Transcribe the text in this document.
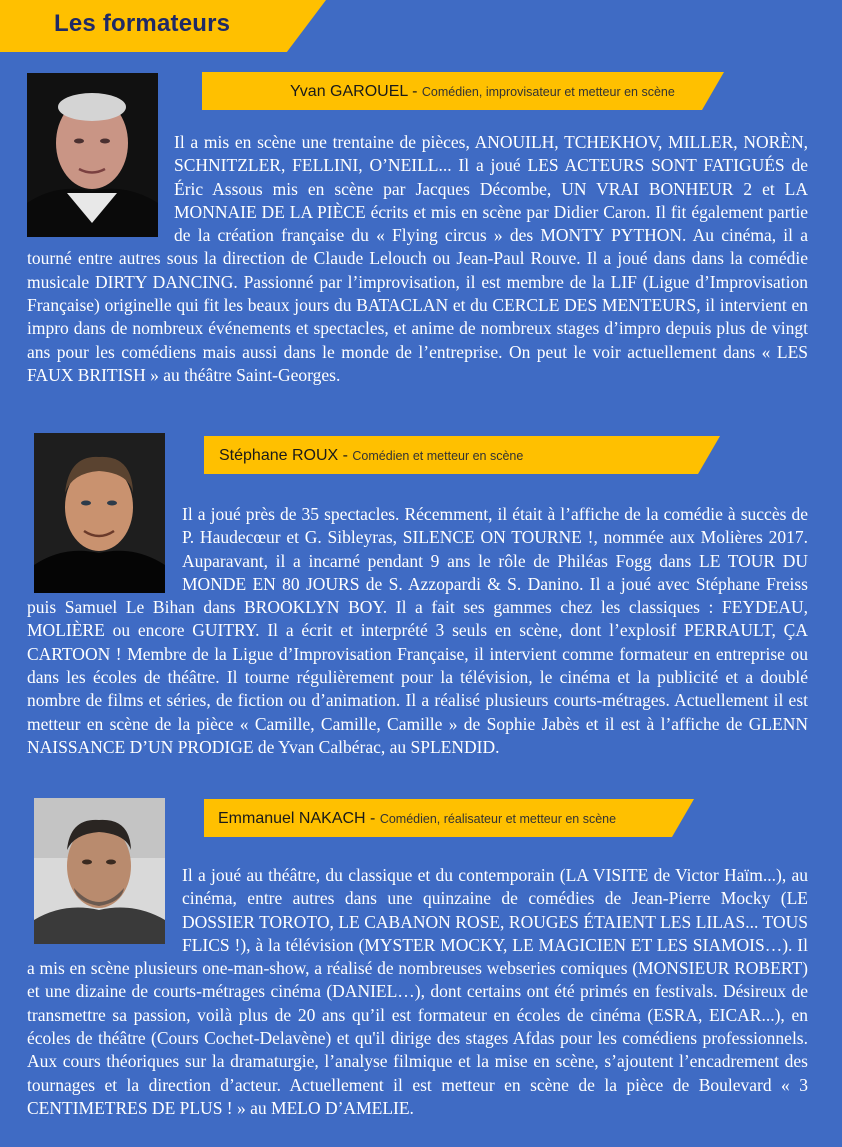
Les formateurs
Yvan GAROUEL - Comédien, improvisateur et metteur en scène

Il a mis en scène une trentaine de pièces, ANOUILH, TCHEKHOV, MILLER, NORÈN, SCHNITZLER, FELLINI, O’NEILL... Il a joué LES ACTEURS SONT FATIGUÉS de Éric Assous mis en scène par Jacques Décombe, UN VRAI BONHEUR 2 et LA MONNAIE DE LA PIÈCE écrits et mis en scène par Didier Caron. Il fit également partie de la création française du « Flying circus » des MONTY PYTHON. Au cinéma, il a tourné entre autres sous la direction de Claude Lelouch ou Jean-Paul Rouve. Il a joué dans dans la comédie musicale DIRTY DANCING. Passionné par l’improvisation, il est membre de la LIF (Ligue d’Improvisation Française) originelle qui fit les beaux jours du BATACLAN et du CERCLE DES MENTEURS, il intervient en impro dans de nombreux événements et spectacles, et anime de nombreux stages d’impro depuis plus de vingt ans pour les comédiens mais aussi dans le monde de l’entreprise. On peut le voir actuellement dans « LES FAUX BRITISH » au théâtre Saint-Georges.

Stéphane ROUX - Comédien et metteur en scène

Il a joué près de 35 spectacles. Récemment, il était à l’affiche de la comédie à succès de P. Haudecœur et G. Sibleyras, SILENCE ON TOURNE !, nommée aux Molières 2017. Auparavant, il a incarné pendant 9 ans le rôle de Philéas Fogg dans LE TOUR DU MONDE EN 80 JOURS de S. Azzopardi & S. Danino. Il a joué avec Stéphane Freiss puis Samuel Le Bihan dans BROOKLYN BOY. Il a fait ses gammes chez les classiques : FEYDEAU, MOLIÈRE ou encore GUITRY. Il a écrit et interprété 3 seuls en scène, dont l’explosif PERRAULT, ÇA CARTOON ! Membre de la Ligue d’Improvisation Française, il intervient comme formateur en entreprise ou dans les écoles de théâtre. Il tourne régulièrement pour la télévision, le cinéma et la publicité et a doublé nombre de films et séries, de fiction ou d’animation. Il a réalisé plusieurs courts-métrages. Actuellement il est metteur en scène de la pièce « Camille, Camille, Camille » de Sophie Jabès et il est à l’affiche de GLENN NAISSANCE D’UN PRODIGE de Yvan Calbérac, au SPLENDID.

Emmanuel NAKACH - Comédien, réalisateur et metteur en scène

Il a joué au théâtre, du classique et du contemporain (LA VISITE de Victor Haïm...), au cinéma, entre autres dans une quinzaine de comédies de Jean-Pierre Mocky (LE DOSSIER TOROTO, LE CABANON ROSE, ROUGES ÉTAIENT LES LILAS... TOUS FLICS !), à la télévision (MYSTER MOCKY, LE MAGICIEN ET LES SIAMOIS…). Il a mis en scène plusieurs one-man-show, a réalisé de nombreuses webseries comiques (MONSIEUR ROBERT) et une dizaine de courts-métrages cinéma (DANIEL…), dont certains ont été primés en festivals. Désireux de transmettre sa passion, voilà plus de 20 ans qu’il est formateur en écoles de cinéma (ESRA, EICAR...), en écoles de théâtre (Cours Cochet-Delavène) et qu'il dirige des stages Afdas pour les comédiens professionnels. Aux cours théoriques sur la dramaturgie, l’analyse filmique et la mise en scène, s’ajoutent l’encadrement des tournages et la direction d’acteur. Actuellement il est metteur en scène de la pièce de Boulevard « 3 CENTIMETRES DE PLUS ! » au MELO D’AMELIE.
